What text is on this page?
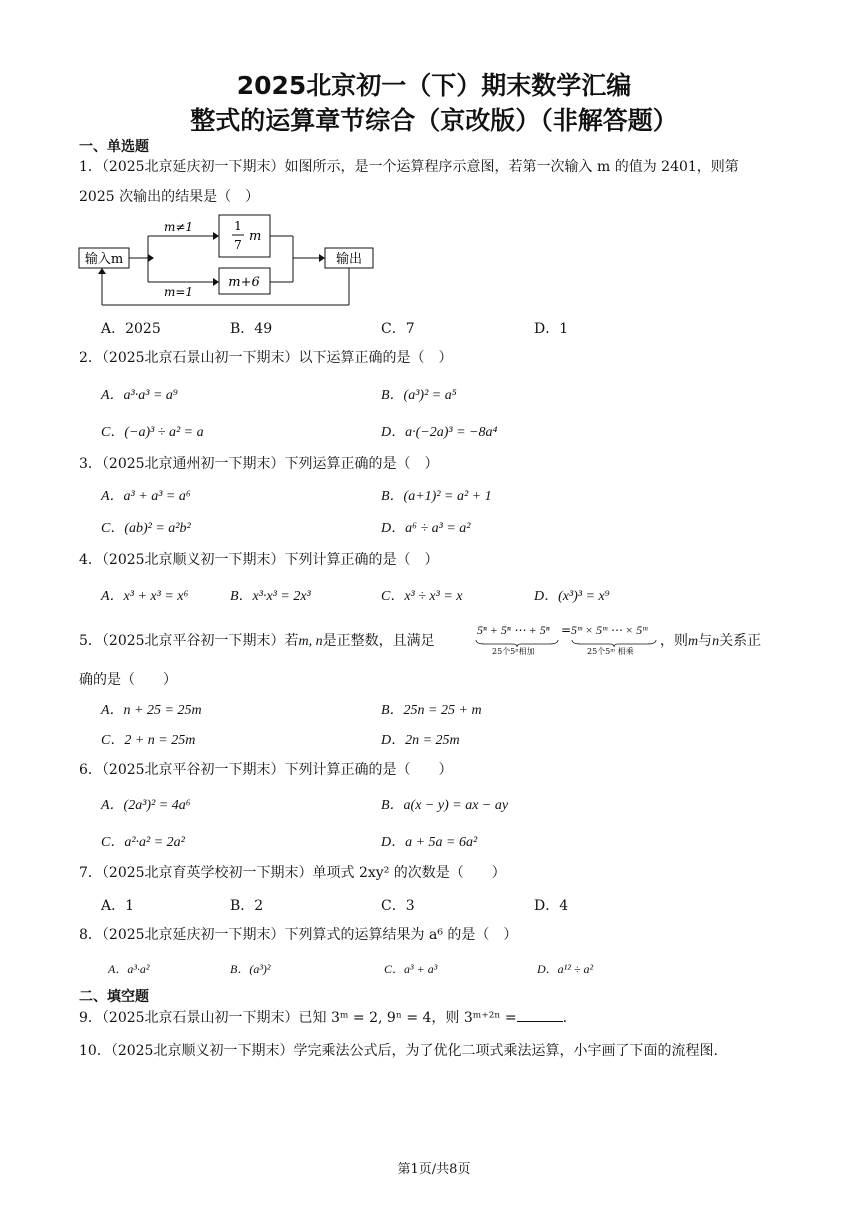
2025北京初一（下）期末数学汇编
整式的运算章节综合（京改版）（非解答题）
一、单选题
1．（2025北京延庆初一下期末）如图所示，是一个运算程序示意图，若第一次输入 m 的值为 2401，则第
2025 次输出的结果是（　）
输入m
m≠1
m=1
1
7
m
m+6
输出
A．2025	B．49	C．7	D．1
2．（2025北京石景山初一下期末）以下运算正确的是（　）
A．a³·a³ = a⁹	B．(a³)² = a⁵
C．(−a)³ ÷ a² = a	D．a·(−2a)³ = −8a⁴
3．（2025北京通州初一下期末）下列运算正确的是（　）
A．a³ + a³ = a⁶	B．(a+1)² = a² + 1
C．(ab)² = a²b²	D．a⁶ ÷ a³ = a²
4．（2025北京顺义初一下期末）下列计算正确的是（　）
A．x³ + x³ = x⁶	B．x³·x³ = 2x³	C．x³ ÷ x³ = x	D．(x³)³ = x⁹
5．（2025北京平谷初一下期末）若m, n是正整数，且满足
5ⁿ + 5ⁿ ⋯ + 5ⁿ
25个5ⁿ相加
= 5ᵐ × 5ᵐ ⋯ × 5ᵐ
25个5ᵐ 相乘
，则m与n关系正
确的是（　　）
A．n + 25 = 25m	B．25n = 25 + m
C．2 + n = 25m	D．2n = 25m
6．（2025北京平谷初一下期末）下列计算正确的是（　　）
A．(2a³)² = 4a⁶	B．a(x − y) = ax − ay
C．a²·a² = 2a²	D．a + 5a = 6a²
7．（2025北京育英学校初一下期末）单项式 2xy² 的次数是（　　）
A．1	B．2	C．3	D．4
8．（2025北京延庆初一下期末）下列算式的运算结果为 a⁶ 的是（　）
A．a³·a²	B．(a³)²	C．a³ + a³	D．a¹² ÷ a²
二、填空题
9．（2025北京石景山初一下期末）已知 3ᵐ = 2, 9ⁿ = 4，则 3ᵐ⁺²ⁿ =	.
10．（2025北京顺义初一下期末）学完乘法公式后，为了优化二项式乘法运算，小宇画了下面的流程图.
第1页/共8页
